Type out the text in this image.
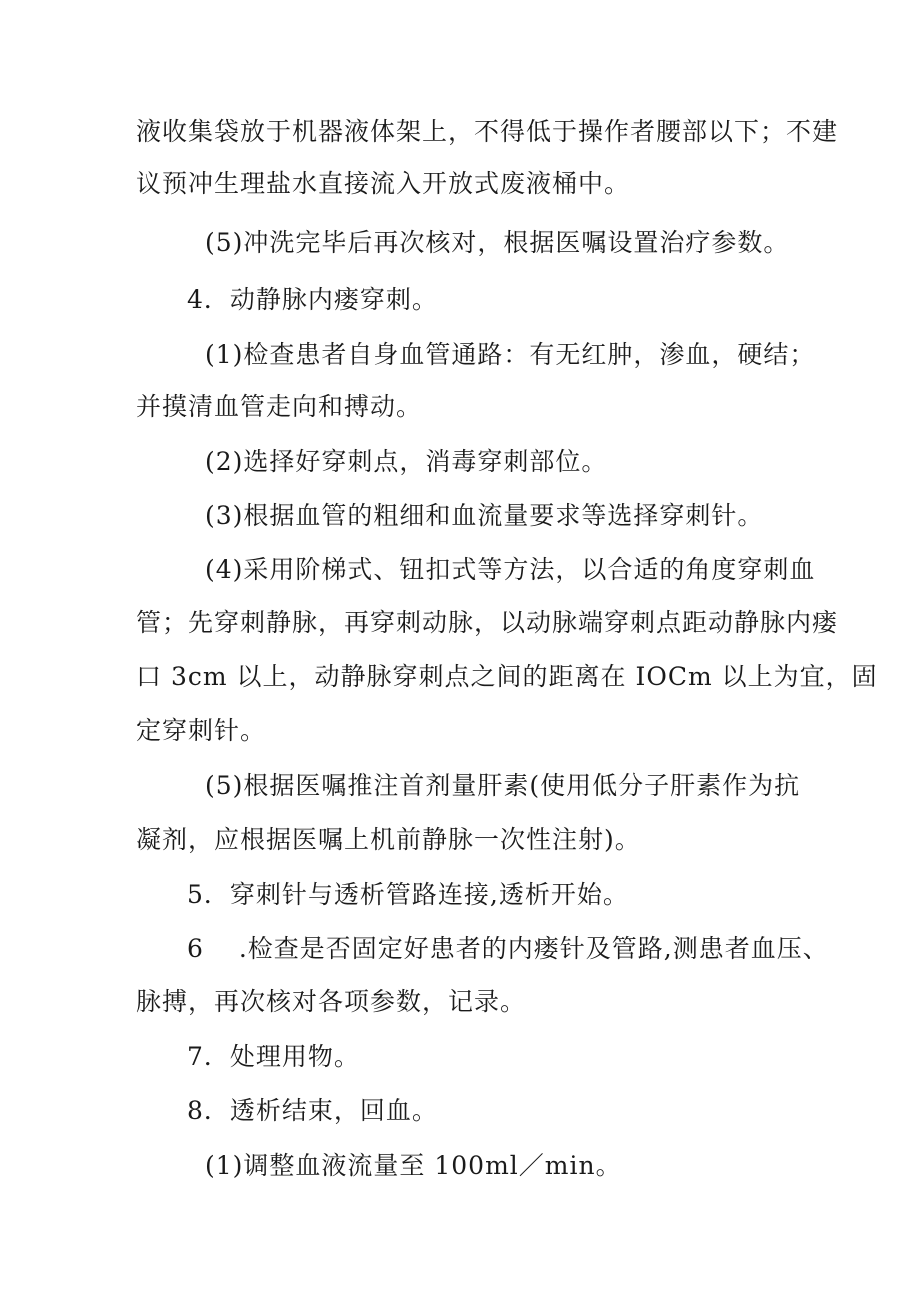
液收集袋放于机器液体架上，不得低于操作者腰部以下；不建
议预冲生理盐水直接流入开放式废液桶中。
(5)冲洗完毕后再次核对，根据医嘱设置治疗参数。
4．动静脉内瘘穿刺。
(1)检查患者自身血管通路：有无红肿，渗血，硬结；
并摸清血管走向和搏动。
(2)选择好穿刺点，消毒穿刺部位。
(3)根据血管的粗细和血流量要求等选择穿刺针。
(4)采用阶梯式、钮扣式等方法，以合适的角度穿刺血
管；先穿刺静脉，再穿刺动脉，以动脉端穿刺点距动静脉内瘘
口 3cm 以上，动静脉穿刺点之间的距离在 IOCm 以上为宜，固
定穿刺针。
(5)根据医嘱推注首剂量肝素(使用低分子肝素作为抗
凝剂，应根据医嘱上机前静脉一次性注射)。
5．穿刺针与透析管路连接,透析开始。
6　 .检查是否固定好患者的内瘘针及管路,测患者血压、
脉搏，再次核对各项参数，记录。
7．处理用物。
8．透析结束，回血。
(1)调整血液流量至 100ml／min。
